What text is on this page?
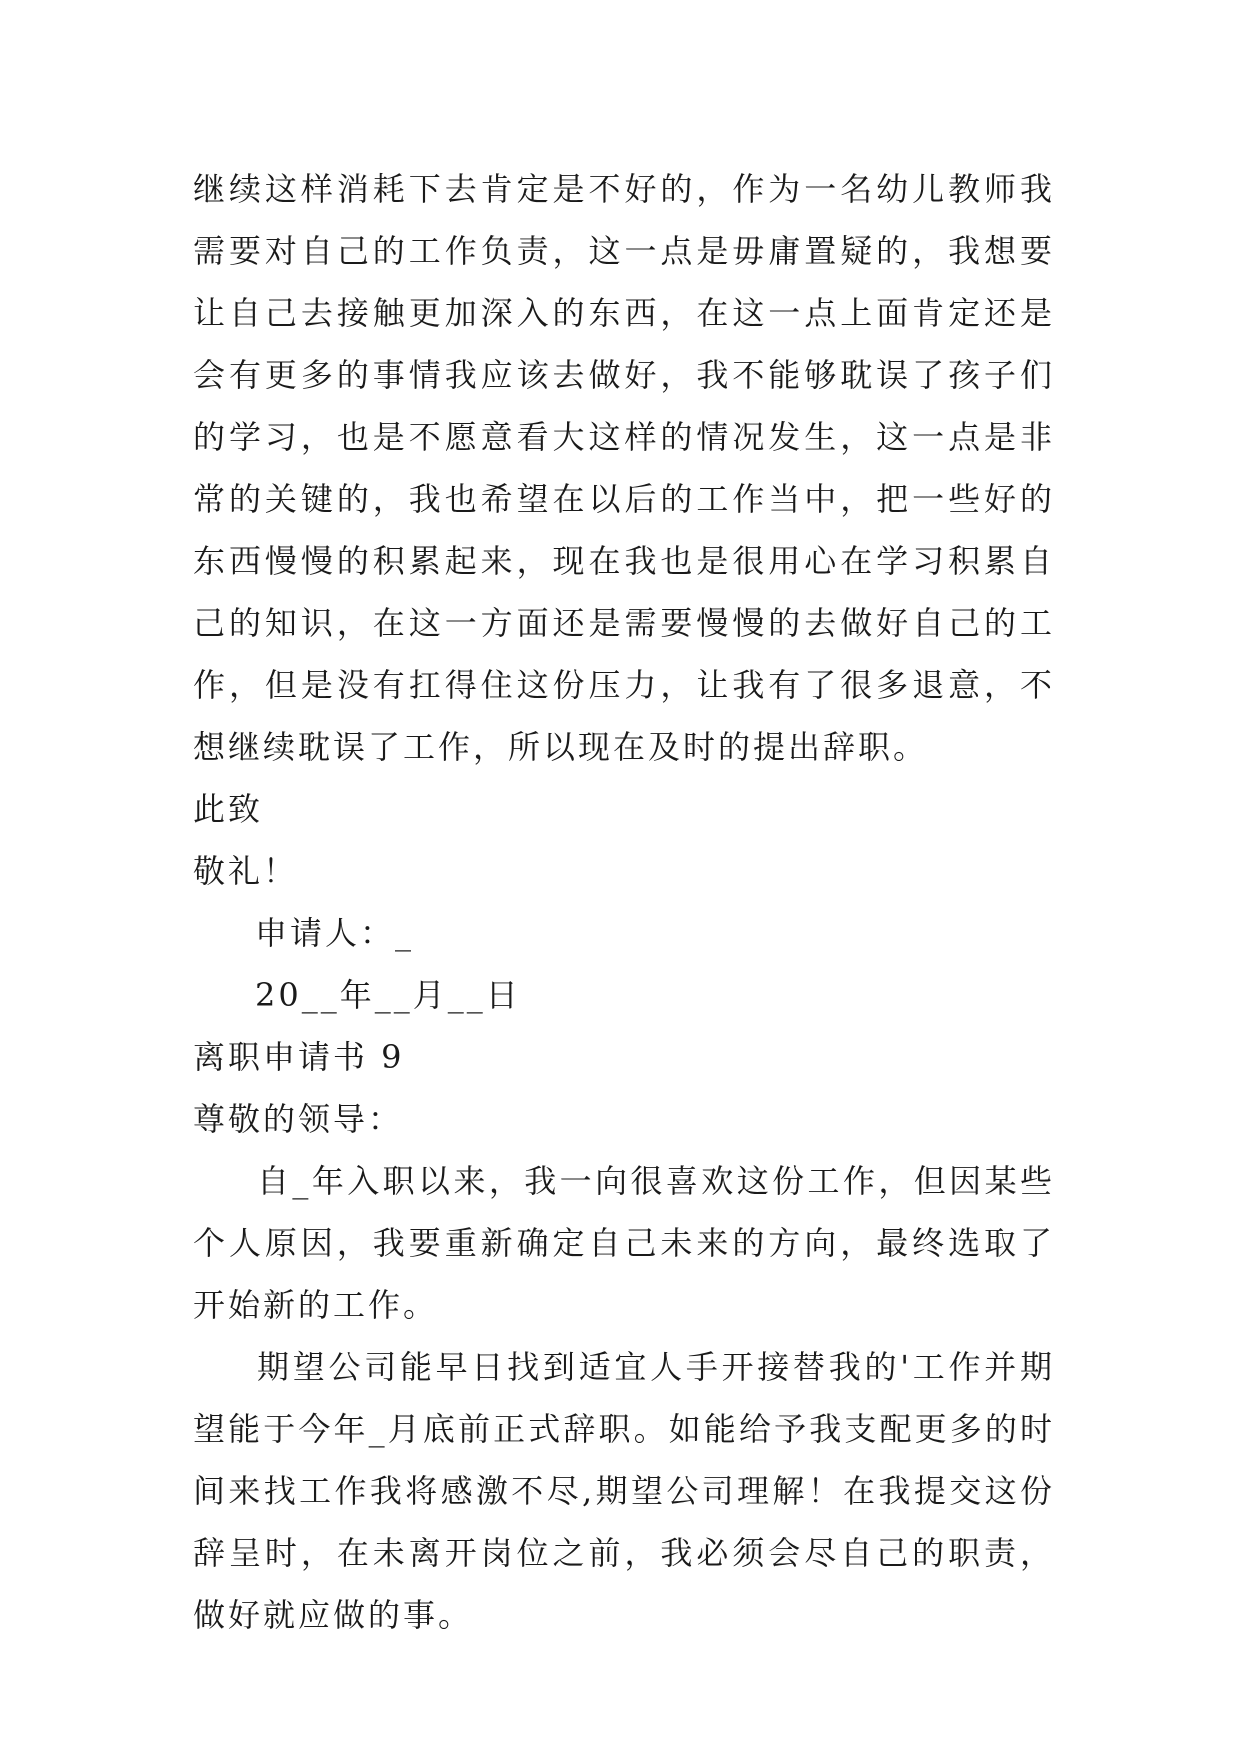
继续这样消耗下去肯定是不好的，作为一名幼儿教师我需要对自己的工作负责，这一点是毋庸置疑的，我想要让自己去接触更加深入的东西，在这一点上面肯定还是会有更多的事情我应该去做好，我不能够耽误了孩子们的学习，也是不愿意看大这样的情况发生，这一点是非常的关键的，我也希望在以后的工作当中，把一些好的东西慢慢的积累起来，现在我也是很用心在学习积累自己的知识，在这一方面还是需要慢慢的去做好自己的工作，但是没有扛得住这份压力，让我有了很多退意，不想继续耽误了工作，所以现在及时的提出辞职。

此致

敬礼！

申请人：_

20__年__月__日

离职申请书 9

尊敬的领导：

自_年入职以来，我一向很喜欢这份工作，但因某些个人原因，我要重新确定自己未来的方向，最终选取了开始新的工作。

期望公司能早日找到适宜人手开接替我的'工作并期望能于今年_月底前正式辞职。如能给予我支配更多的时间来找工作我将感激不尽,期望公司理解！在我提交这份辞呈时，在未离开岗位之前，我必须会尽自己的职责，做好就应做的事。
